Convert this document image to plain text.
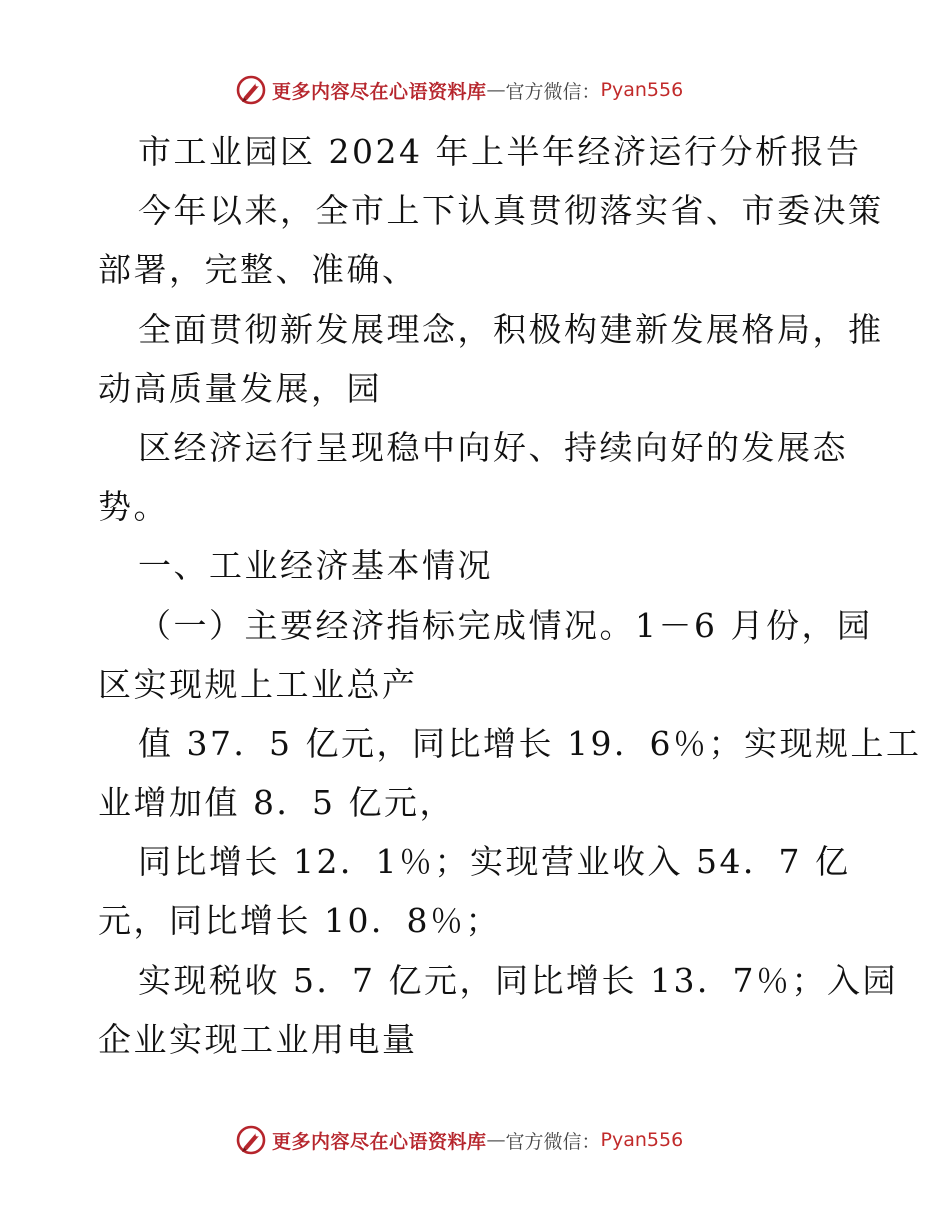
更多内容尽在心语资料库 — 官方微信： Pyan556
市工业园区 2024 年上半年经济运行分析报告
今年以来，全市上下认真贯彻落实省、市委决策
部署，完整、准确、
全面贯彻新发展理念，积极构建新发展格局，推
动高质量发展，园
区经济运行呈现稳中向好、持续向好的发展态
势。
一、工业经济基本情况
（一）主要经济指标完成情况。1－6 月份，园
区实现规上工业总产
值 37．5 亿元，同比增长 19．6％；实现规上工
业增加值 8．5 亿元，
同比增长 12．1％；实现营业收入 54．7 亿
元，同比增长 10．8％；
实现税收 5．7 亿元，同比增长 13．7％；入园
企业实现工业用电量
更多内容尽在心语资料库 — 官方微信： Pyan556
